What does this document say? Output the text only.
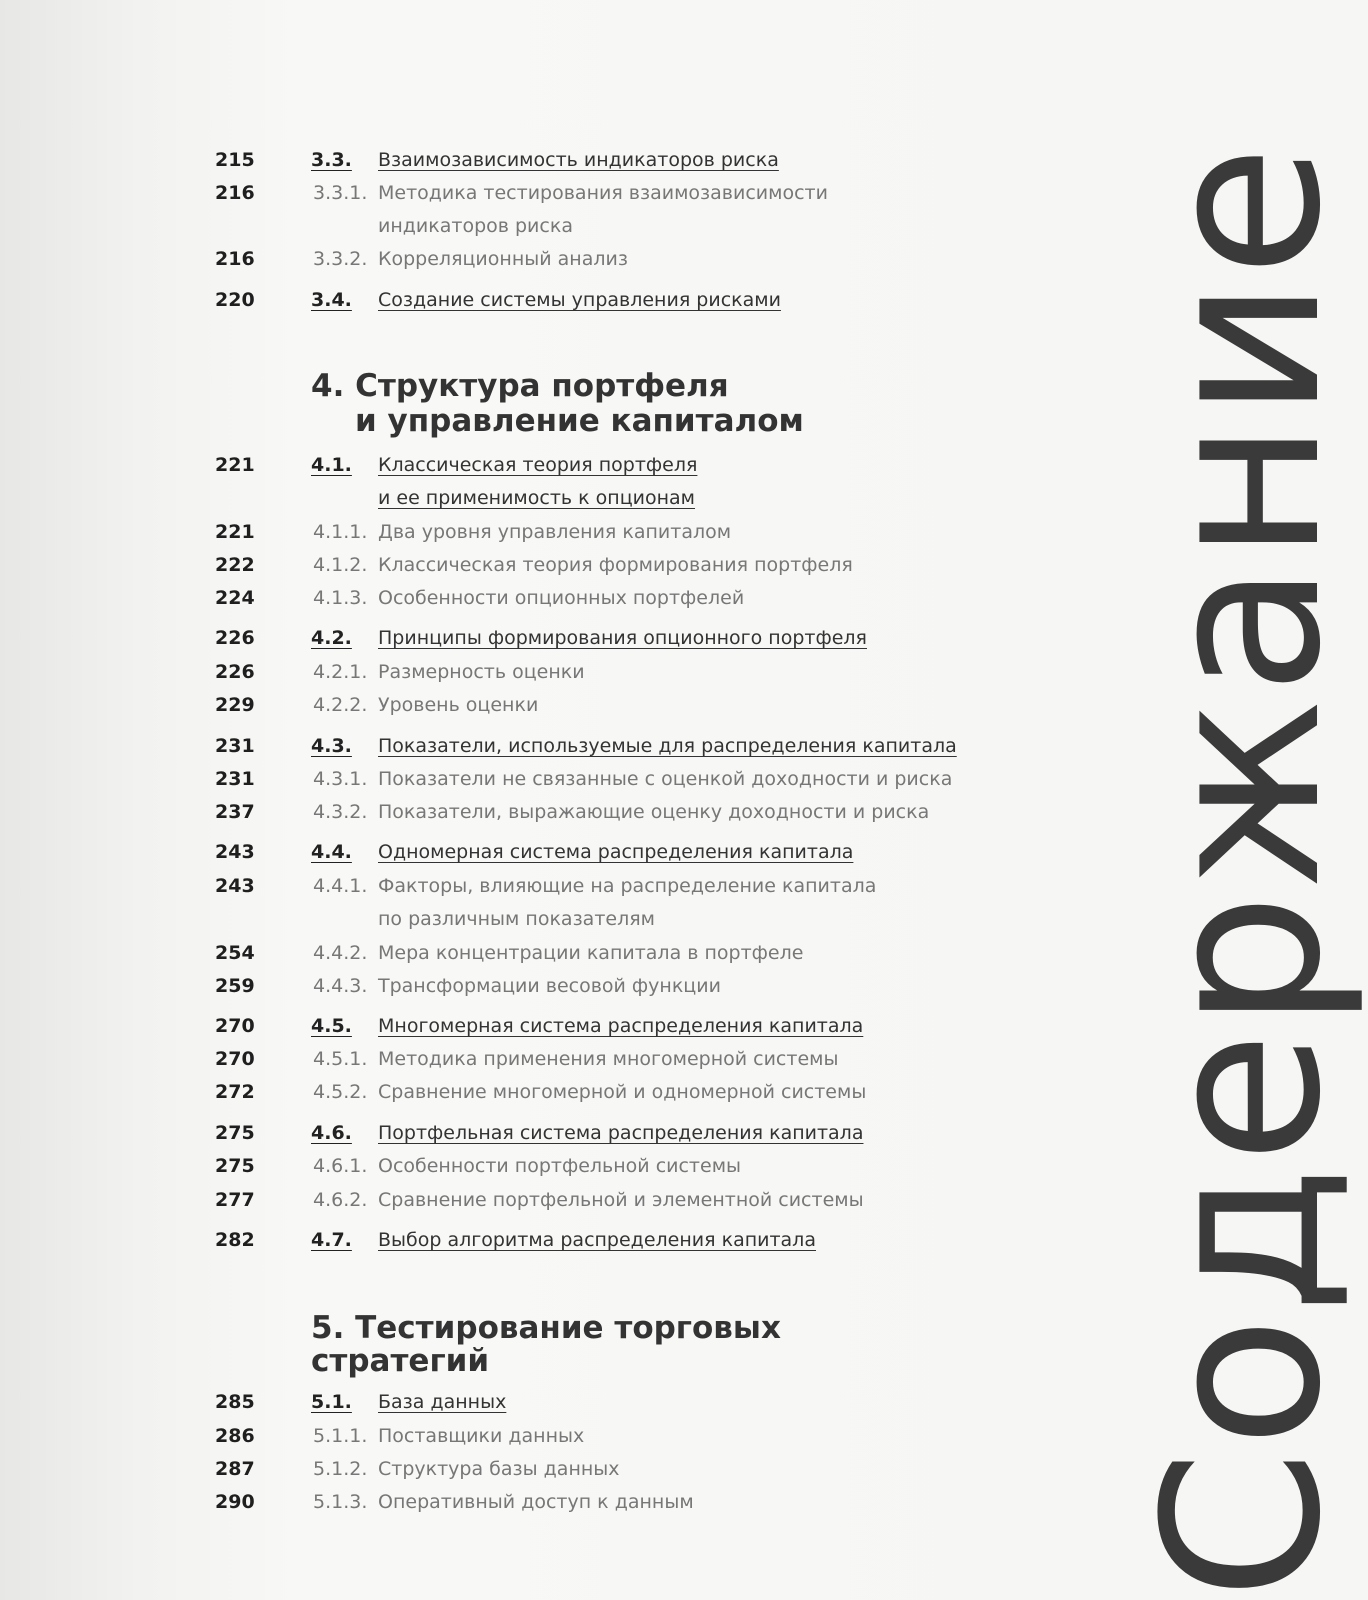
215	3.3. Взаимозависимость индикаторов риска
216	3.3.1. Методика тестирования взаимозависимости
индикаторов риска
216	3.3.2. Корреляционный анализ
220	3.4. Создание системы управления рисками
4. Структура портфеля
и управление капиталом
221	4.1. Классическая теория портфеля
и ее применимость к опционам
221	4.1.1. Два уровня управления капиталом
222	4.1.2. Классическая теория формирования портфеля
224	4.1.3. Особенности опционных портфелей
226	4.2. Принципы формирования опционного портфеля
226	4.2.1. Размерность оценки
229	4.2.2. Уровень оценки
231	4.3. Показатели, используемые для распределения капитала
231	4.3.1. Показатели не связанные с оценкой доходности и риска
237	4.3.2. Показатели, выражающие оценку доходности и риска
243	4.4. Одномерная система распределения капитала
243	4.4.1. Факторы, влияющие на распределение капитала
по различным показателям
254	4.4.2. Мера концентрации капитала в портфеле
259	4.4.3. Трансформации весовой функции
270	4.5. Многомерная система распределения капитала
270	4.5.1. Методика применения многомерной системы
272	4.5.2. Сравнение многомерной и одномерной системы
275	4.6. Портфельная система распределения капитала
275	4.6.1. Особенности портфельной системы
277	4.6.2. Сравнение портфельной и элементной системы
282	4.7. Выбор алгоритма распределения капитала
5. Тестирование торговых
стратегий
285	5.1. База данных
286	5.1.1. Поставщики данных
287	5.1.2. Структура базы данных
290	5.1.3. Оперативный доступ к данным Содержание
